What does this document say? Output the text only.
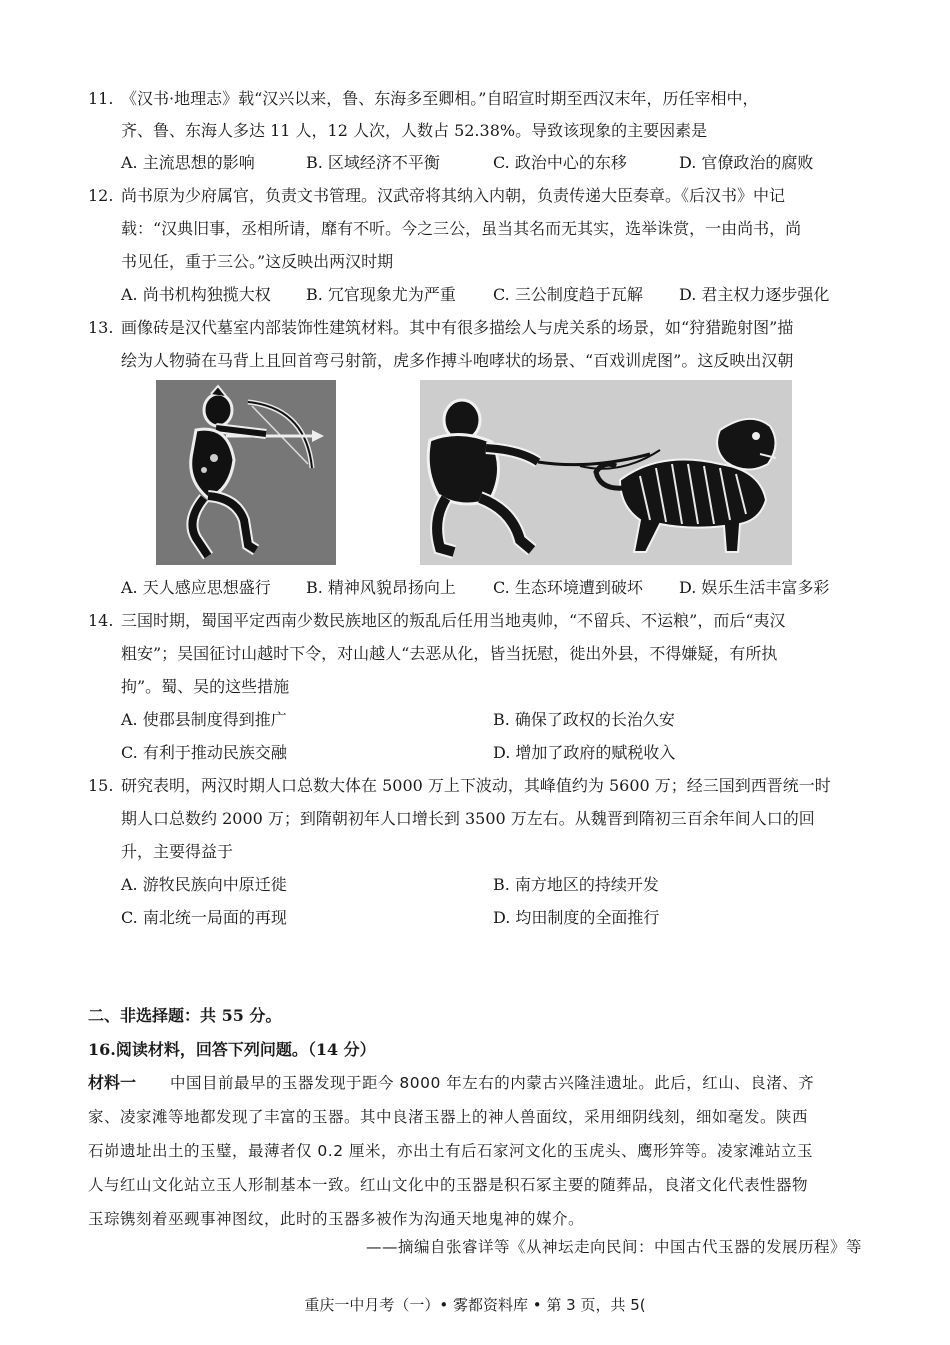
11. 《汉书·地理志》载“汉兴以来，鲁、东海多至卿相。”自昭宣时期至西汉末年，历任宰相中，
齐、鲁、东海人多达 11 人，12 人次，人数占 52.38%。导致该现象的主要因素是
A. 主流思想的影响	B. 区域经济不平衡	C. 政治中心的东移	D. 官僚政治的腐败
12. 尚书原为少府属官，负责文书管理。汉武帝将其纳入内朝，负责传递大臣奏章。《后汉书》中记
载：“汉典旧事，丞相所请，靡有不听。今之三公，虽当其名而无其实，选举诛赏，一由尚书，尚
书见任，重于三公。”这反映出两汉时期
A. 尚书机构独揽大权 B. 冗官现象尤为严重 C. 三公制度趋于瓦解 D. 君主权力逐步强化
13. 画像砖是汉代墓室内部装饰性建筑材料。其中有很多描绘人与虎关系的场景，如“狩猎跪射图”描
绘为人物骑在马背上且回首弯弓射箭，虎多作搏斗咆哮状的场景、“百戏训虎图”。这反映出汉朝
A. 天人感应思想盛行 B. 精神风貌昂扬向上 C. 生态环境遭到破坏 D. 娱乐生活丰富多彩
14. 三国时期，蜀国平定西南少数民族地区的叛乱后任用当地夷帅，“不留兵、不运粮”，而后“夷汉
粗安”；吴国征讨山越时下令，对山越人“去恶从化，皆当抚慰，徙出外县，不得嫌疑，有所执
拘”。蜀、吴的这些措施
A. 使郡县制度得到推广	B. 确保了政权的长治久安
C. 有利于推动民族交融	D. 增加了政府的赋税收入
15. 研究表明，两汉时期人口总数大体在 5000 万上下波动，其峰值约为 5600 万；经三国到西晋统一时
期人口总数约 2000 万；到隋朝初年人口增长到 3500 万左右。从魏晋到隋初三百余年间人口的回
升，主要得益于
A. 游牧民族向中原迁徙	B. 南方地区的持续开发
C. 南北统一局面的再现	D. 均田制度的全面推行
二、非选择题：共 55 分。
16.阅读材料，回答下列问题。（14 分）
材料一 中国目前最早的玉器发现于距今 8000 年左右的内蒙古兴隆洼遗址。此后，红山、良渚、齐
家、凌家滩等地都发现了丰富的玉器。其中良渚玉器上的神人兽面纹，采用细阴线刻，细如毫发。陕西
石峁遗址出土的玉璧，最薄者仅 0.2 厘米，亦出土有后石家河文化的玉虎头、鹰形笄等。凌家滩站立玉
人与红山文化站立玉人形制基本一致。红山文化中的玉器是积石冢主要的随葬品，良渚文化代表性器物
玉琮镌刻着巫觋事神图纹，此时的玉器多被作为沟通天地鬼神的媒介。
——摘编自张睿详等《从神坛走向民间：中国古代玉器的发展历程》等
重庆一中月考（一）• 雾都资料库 • 第 3 页，共 5(
